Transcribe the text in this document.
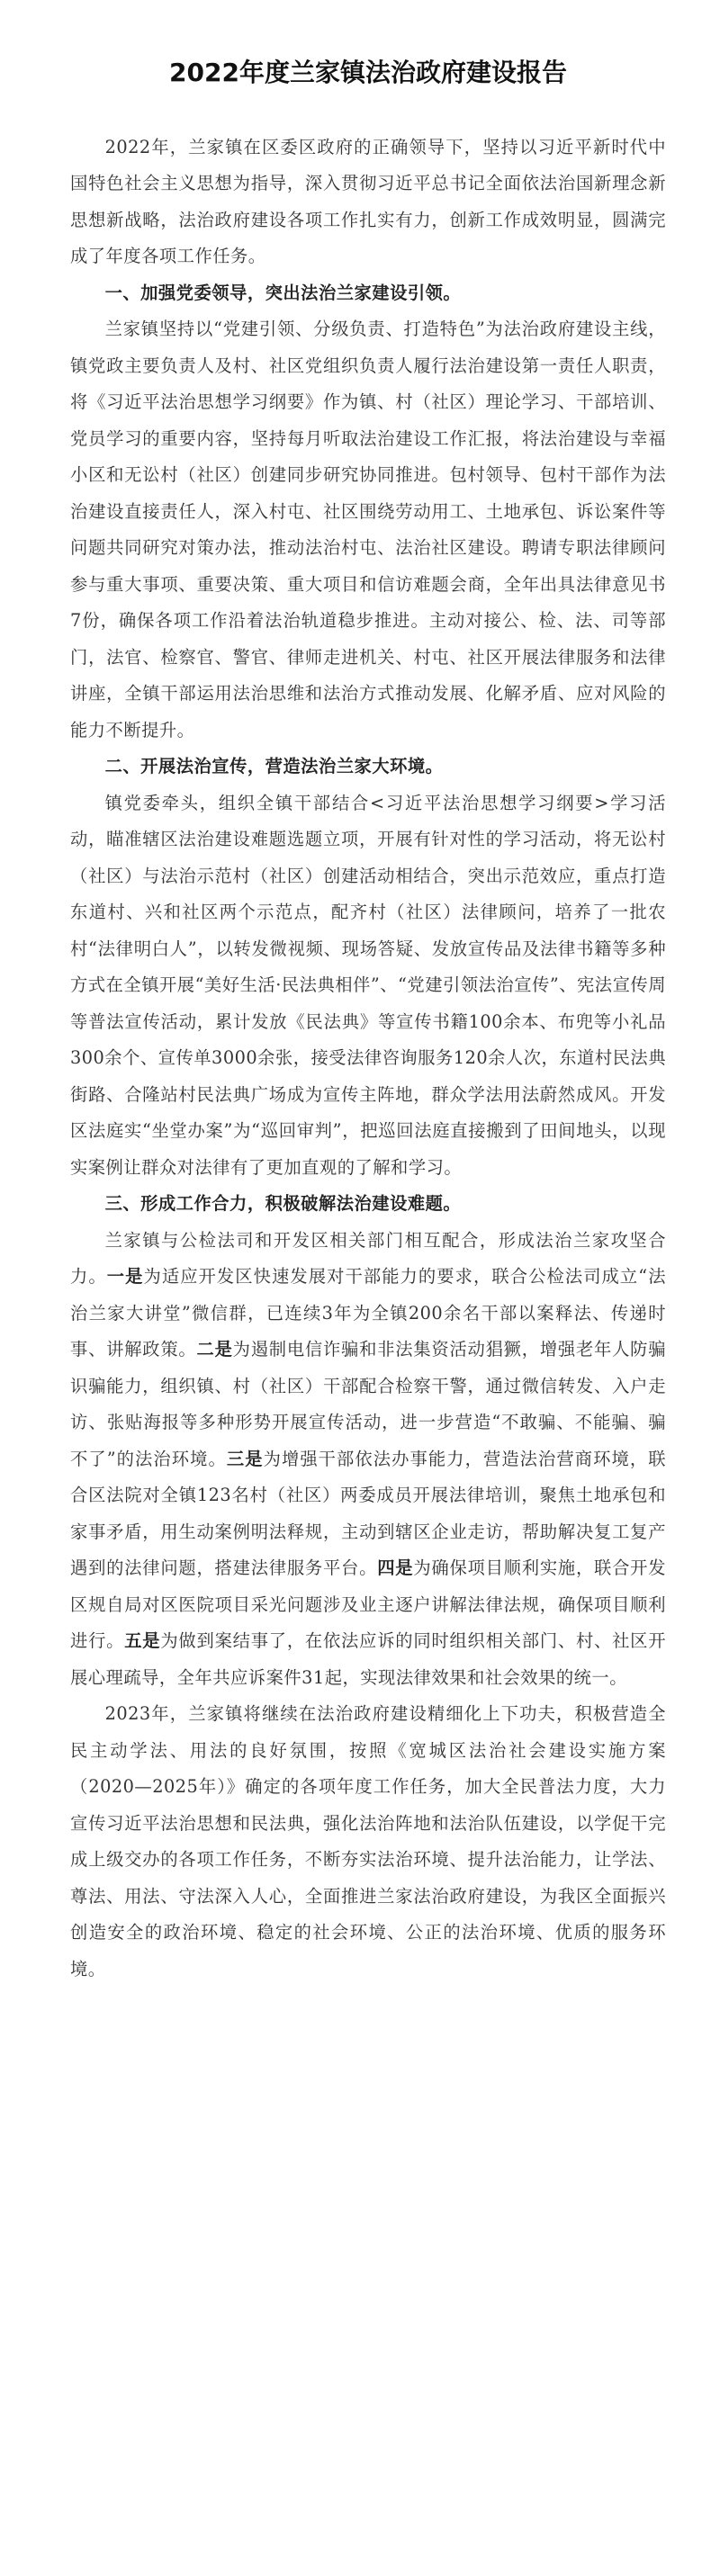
2022年度兰家镇法治政府建设报告

2022年，兰家镇在区委区政府的正确领导下，坚持以习近平新时代中国特色社会主义思想为指导，深入贯彻习近平总书记全面依法治国新理念新思想新战略，法治政府建设各项工作扎实有力，创新工作成效明显，圆满完成了年度各项工作任务。

一、加强党委领导，突出法治兰家建设引领。

兰家镇坚持以“党建引领、分级负责、打造特色”为法治政府建设主线，镇党政主要负责人及村、社区党组织负责人履行法治建设第一责任人职责，将《习近平法治思想学习纲要》作为镇、村（社区）理论学习、干部培训、党员学习的重要内容，坚持每月听取法治建设工作汇报，将法治建设与幸福小区和无讼村（社区）创建同步研究协同推进。包村领导、包村干部作为法治建设直接责任人，深入村屯、社区围绕劳动用工、土地承包、诉讼案件等问题共同研究对策办法，推动法治村屯、法治社区建设。聘请专职法律顾问参与重大事项、重要决策、重大项目和信访难题会商，全年出具法律意见书7份，确保各项工作沿着法治轨道稳步推进。主动对接公、检、法、司等部门，法官、检察官、警官、律师走进机关、村屯、社区开展法律服务和法律讲座，全镇干部运用法治思维和法治方式推动发展、化解矛盾、应对风险的能力不断提升。

二、开展法治宣传，营造法治兰家大环境。

镇党委牵头，组织全镇干部结合<习近平法治思想学习纲要>学习活动，瞄准辖区法治建设难题选题立项，开展有针对性的学习活动，将无讼村（社区）与法治示范村（社区）创建活动相结合，突出示范效应，重点打造东道村、兴和社区两个示范点，配齐村（社区）法律顾问，培养了一批农村“法律明白人”，以转发微视频、现场答疑、发放宣传品及法律书籍等多种方式在全镇开展“美好生活·民法典相伴”、“党建引领法治宣传”、宪法宣传周等普法宣传活动，累计发放《民法典》等宣传书籍100余本、布兜等小礼品300余个、宣传单3000余张，接受法律咨询服务120余人次，东道村民法典街路、合隆站村民法典广场成为宣传主阵地，群众学法用法蔚然成风。开发区法庭实“坐堂办案”为“巡回审判”，把巡回法庭直接搬到了田间地头，以现实案例让群众对法律有了更加直观的了解和学习。

三、形成工作合力，积极破解法治建设难题。

兰家镇与公检法司和开发区相关部门相互配合，形成法治兰家攻坚合力。一是为适应开发区快速发展对干部能力的要求，联合公检法司成立“法治兰家大讲堂”微信群，已连续3年为全镇200余名干部以案释法、传递时事、讲解政策。二是为遏制电信诈骗和非法集资活动猖獗，增强老年人防骗识骗能力，组织镇、村（社区）干部配合检察干警，通过微信转发、入户走访、张贴海报等多种形势开展宣传活动，进一步营造“不敢骗、不能骗、骗不了”的法治环境。三是为增强干部依法办事能力，营造法治营商环境，联合区法院对全镇123名村（社区）两委成员开展法律培训，聚焦土地承包和家事矛盾，用生动案例明法释规，主动到辖区企业走访，帮助解决复工复产遇到的法律问题，搭建法律服务平台。四是为确保项目顺利实施，联合开发区规自局对区医院项目采光问题涉及业主逐户讲解法律法规，确保项目顺利进行。五是为做到案结事了，在依法应诉的同时组织相关部门、村、社区开展心理疏导，全年共应诉案件31起，实现法律效果和社会效果的统一。

2023年，兰家镇将继续在法治政府建设精细化上下功夫，积极营造全民主动学法、用法的良好氛围，按照《宽城区法治社会建设实施方案（2020—2025年）》确定的各项年度工作任务，加大全民普法力度，大力宣传习近平法治思想和民法典，强化法治阵地和法治队伍建设，以学促干完成上级交办的各项工作任务，不断夯实法治环境、提升法治能力，让学法、尊法、用法、守法深入人心，全面推进兰家法治政府建设，为我区全面振兴创造安全的政治环境、稳定的社会环境、公正的法治环境、优质的服务环境。
